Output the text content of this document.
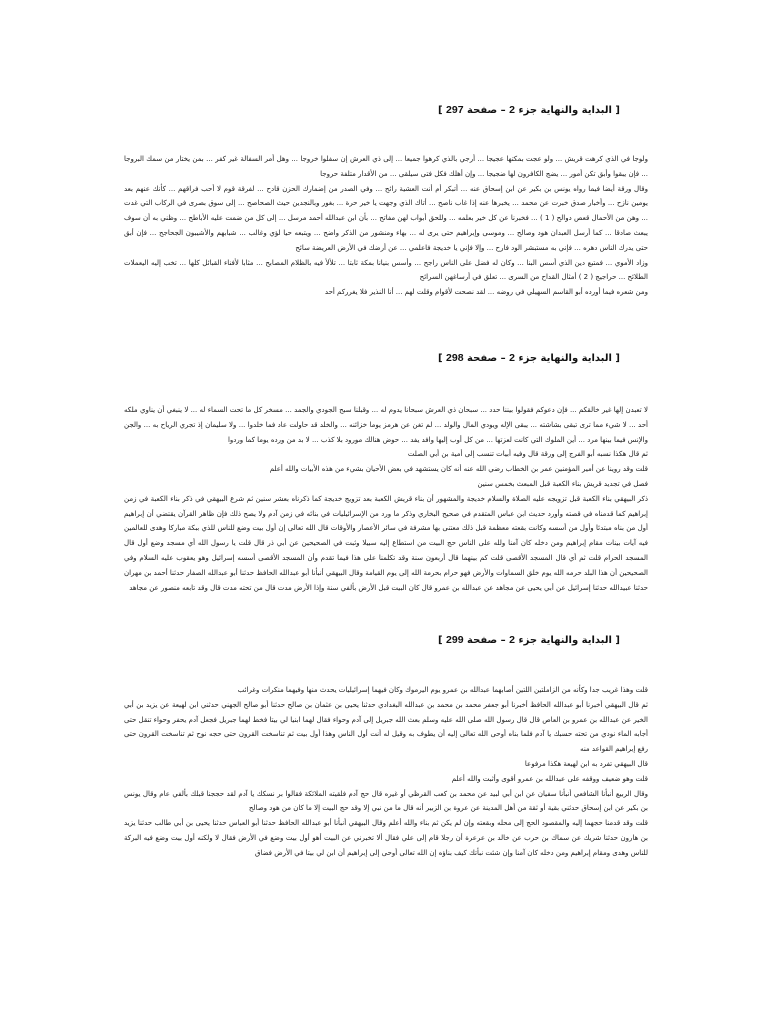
[ البداية والنهاية جزء 2 – صفحة 297 ]

ولوجا في الذي كرهت قريش ... ولو عجت بمكتها عجيجا ... أرجي بالذي كرهوا جميعا ... إلى ذي العرش إن سفلوا خروجا ... وهل أمر السفالة غير كفر ... بمن يختار من سمك البروجا ... فإن يبقوا وأبق تكن أمور ... يضج الكافرون لها ضجيجا ... وإن أهلك فكل فتى سيلقى ... من الأقدار متلفة حروجا

وقال ورقة أيضا فيما رواه يونس بن بكير عن ابن إسحاق عنه ... أتبكر أم أنت العشية رائح ... وفي الصدر من إضمارك الحزن قادح ... لفرقة قوم لا أحب فراقهم ... كأنك عنهم بعد يومين نازح ... وأخبار صدق خبرت عن محمد ... يخبرها عنه إذا غاب ناصح ... أتاك الذي وجهت يا خير حرة ... بغور وبالنجدين حيث الصحاصح ... إلى سوق بصرى في الركاب التي غدت ... وهن من الأحمال قعص دوالح ( 1 ) ... فخبرنا عن كل خير بعلمه ... وللحق أبواب لهن مفاتح ... بأن ابن عبدالله أحمد مرسل ... إلى كل من ضمت عليه الأباطح ... وظني به أن سوف يبعث صادقا ... كما أرسل العبدان هود وصالح ... وموسى وإبراهيم حتى يرى له ... بهاء ومنشور من الذكر واضح ... ويتبعه حيا لؤي وغالب ... شبابهم والأشيبون الجحاجح ... فإن أبق حتى يدرك الناس دهره ... فإني به مستبشر الود فارح ... وإلا فإني يا خديجة فاعلمي ... عن أرضك في الأرض العريضة سائح

وزاد الأموي ... فمتبع دين الذي أسس البنا ... وكان له فضل على الناس راجح ... وأسس بنيانا بمكة ثابتا ... تلألأ فيه بالظلام المصابح ... مثابا لأفناء القبائل كلها ... تخب إليه اليعملات الطلائح ... حراجيج ( 2 ) أمثال القداح من السرى ... تعلق في أرساغهن السرائح

ومن شعره فيما أورده أبو القاسم السهيلي في روضه ... لقد نصحت لأقوام وقلت لهم ... أنا النذير فلا يغرركم أحد

[ البداية والنهاية جزء 2 – صفحة 298 ]

لا تعبدن إلها غير خالقكم ... فإن دعوكم فقولوا بيننا حدد ... سبحان ذي العرش سبحانا يدوم له ... وقبلنا سبح الجودي والجمد ... مسخر كل ما تحت السماء له ... لا ينبغي أن يناوي ملكه أحد ... لا شيء مما ترى تبقى بشاشته ... يبقى الإله ويودي المال والولد ... لم تغن عن هرمز يوما خزائنه ... والخلد قد حاولت عاد فما خلدوا ... ولا سليمان إذ تجري الرياح به ... والجن والإنس فيما بينها مرد ... أين الملوك التي كانت لعزتها ... من كل أوب إليها وافد يفد ... حوض هنالك مورود بلا كذب ... لا بد من ورده يوما كما وردوا

ثم قال هكذا نسبه أبو الفرج إلى ورقة قال وفيه أبيات تنسب إلى أمية بن أبي الصلت

قلت وقد روينا عن أمير المؤمنين عمر بن الخطاب رضي الله عنه أنه كان يستشهد في بعض الأحيان بشيء من هذه الأبيات والله أعلم

فصل في تجديد قريش بناء الكعبة قبل المبعث بخمس سنين

ذكر البيهقي بناء الكعبة قبل تزويجه عليه الصلاة والسلام خديجة والمشهور أن بناء قريش الكعبة بعد تزويج خديجة كما ذكرناه بعشر سنين ثم شرع البيهقي في ذكر بناء الكعبة في زمن إبراهيم كما قدمناه في قصته وأورد حديث ابن عباس المتقدم في صحيح البخاري وذكر ما ورد من الإسرائيليات في بنائه في زمن آدم ولا يصح ذلك فإن ظاهر القرآن يقتضي أن إبراهيم أول من بناه مبتدئا وأول من أسسه وكانت بقعته معظمة قبل ذلك معتنى بها مشرفة في سائر الأعصار والأوقات قال الله تعالى إن أول بيت وضع للناس للذي ببكة مباركا وهدى للعالمين فيه آيات بينات مقام إبراهيم ومن دخله كان آمنا ولله على الناس حج البيت من استطاع إليه سبيلا وثبت في الصحيحين عن أبي ذر قال قلت يا رسول الله أي مسجد وضع أول قال المسجد الحرام قلت ثم أي قال المسجد الأقصى قلت كم بينهما قال أربعون سنة وقد تكلمنا على هذا فيما تقدم وأن المسجد الأقصى أسسه إسرائيل وهو يعقوب عليه السلام وفي الصحيحين أن هذا البلد حرمه الله يوم خلق السماوات والأرض فهو حرام بحرمة الله إلى يوم القيامة وقال البيهقي أنبأنا أبو عبدالله الحافظ حدثنا أبو عبدالله الصفار حدثنا أحمد بن مهران حدثنا عبيدالله حدثنا إسرائيل عن أبي يحيى عن مجاهد عن عبدالله بن عمرو قال كان البيت قبل الأرض بألفي سنة وإذا الأرض مدت قال من تحته مدت قال وقد تابعه منصور عن مجاهد

[ البداية والنهاية جزء 2 – صفحة 299 ]

قلت وهذا غريب جدا وكأنه من الزاملتين اللتين أصابهما عبدالله بن عمرو يوم اليرموك وكان فيهما إسرائيليات يحدث منها وفيهما منكرات وغرائب

ثم قال البيهقي أخبرنا أبو عبدالله الحافظ أخبرنا أبو جعفر محمد بن محمد بن عبدالله البغدادي حدثنا يحيى بن عثمان بن صالح حدثنا أبو صالح الجهني حدثني ابن لهيعة عن يزيد بن أبي الخير عن عبدالله بن عمرو بن العاص قال قال رسول الله صلى الله عليه وسلم بعث الله جبريل إلى آدم وحواء فقال لهما ابنيا لي بيتا فخط لهما جبريل فجعل آدم يحفر وحواء تنقل حتى أجابه الماء نودي من تحته حسبك يا آدم فلما بناه أوحى الله تعالى إليه أن يطوف به وقيل له أنت أول الناس وهذا أول بيت ثم تناسخت القرون حتى حجه نوح ثم تناسخت القرون حتى رفع إبراهيم القواعد منه

قال البيهقي تفرد به ابن لهيعة هكذا مرفوعا

قلت وهو ضعيف ووقفه على عبدالله بن عمرو أقوى وأثبت والله أعلم

وقال الربيع أنبأنا الشافعي أنبأنا سفيان عن ابن أبي لبيد عن محمد بن كعب القرظي أو غيره قال حج آدم فلقيته الملائكة فقالوا بر نسكك يا آدم لقد حججنا قبلك بألفي عام وقال يونس بن بكير عن ابن إسحاق حدثني بقية أو ثقة من أهل المدينة عن عروة بن الزبير أنه قال ما من نبي إلا وقد حج البيت إلا ما كان من هود وصالح

قلت وقد قدمنا حجهما إليه والمقصود الحج إلى محله وبقعته وإن لم يكن ثم بناء والله أعلم وقال البيهقي أنبأنا أبو عبدالله الحافظ حدثنا أبو العباس حدثنا يحيى بن أبي طالب حدثنا يزيد بن هارون حدثنا شريك عن سماك بن حرب عن خالد بن عرعرة أن رجلا قام إلى علي فقال ألا تخبرني عن البيت أهو أول بيت وضع في الأرض فقال لا ولكنه أول بيت وضع فيه البركة للناس وهدى ومقام إبراهيم ومن دخله كان آمنا وإن شئت نبأتك كيف بناؤه إن الله تعالى أوحى إلى إبراهيم أن ابن لي بيتا في الأرض فضاق
